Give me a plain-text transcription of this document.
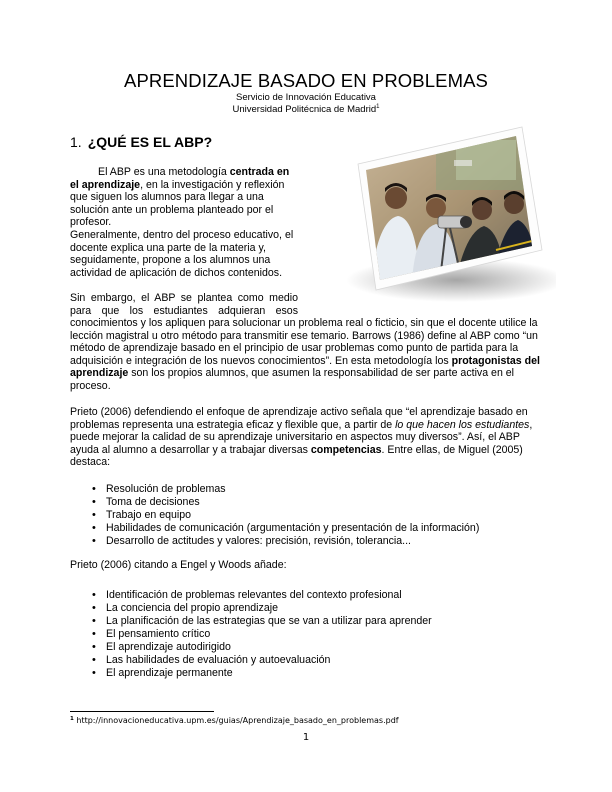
APRENDIZAJE BASADO EN PROBLEMAS
Servicio de Innovación Educativa
Universidad Politécnica de Madrid$^1$
1. ¿QUÉ ES EL ABP?

El ABP es una metodología centrada en el aprendizaje, en la investigación y reflexión que siguen los alumnos para llegar a una solución ante un problema planteado por el profesor.

Generalmente, dentro del proceso educativo, el docente explica una parte de la materia y, seguidamente, propone a los alumnos una actividad de aplicación de dichos contenidos.

Sin embargo, el ABP se plantea como medio para que los estudiantes adquieran esos

conocimientos y los apliquen para solucionar un problema real o ficticio, sin que el docente utilice la lección magistral u otro método para transmitir ese temario. Barrows (1986) define al ABP como “un método de aprendizaje basado en el principio de usar problemas como punto de partida para la adquisición e integración de los nuevos conocimientos”. En esta metodología los protagonistas del aprendizaje son los propios alumnos, que asumen la responsabilidad de ser parte activa en el proceso.

Prieto (2006) defendiendo el enfoque de aprendizaje activo señala que “el aprendizaje basado en problemas representa una estrategia eficaz y flexible que, a partir de lo que hacen los estudiantes, puede mejorar la calidad de su aprendizaje universitario en aspectos muy diversos”. Así, el ABP ayuda al alumno a desarrollar y a trabajar diversas competencias. Entre ellas, de Miguel (2005) destaca:

• Resolución de problemas
• Toma de decisiones
• Trabajo en equipo
• Habilidades de comunicación (argumentación y presentación de la información)
• Desarrollo de actitudes y valores: precisión, revisión, tolerancia...
Prieto (2006) citando a Engel y Woods añade:
• Identificación de problemas relevantes del contexto profesional
• La conciencia del propio aprendizaje
• La planificación de las estrategias que se van a utilizar para aprender
• El pensamiento crítico
• El aprendizaje autodirigido
• Las habilidades de evaluación y autoevaluación
• El aprendizaje permanente
$^1$ http://innovacioneducativa.upm.es/guias/Aprendizaje_basado_en_problemas.pdf
1
